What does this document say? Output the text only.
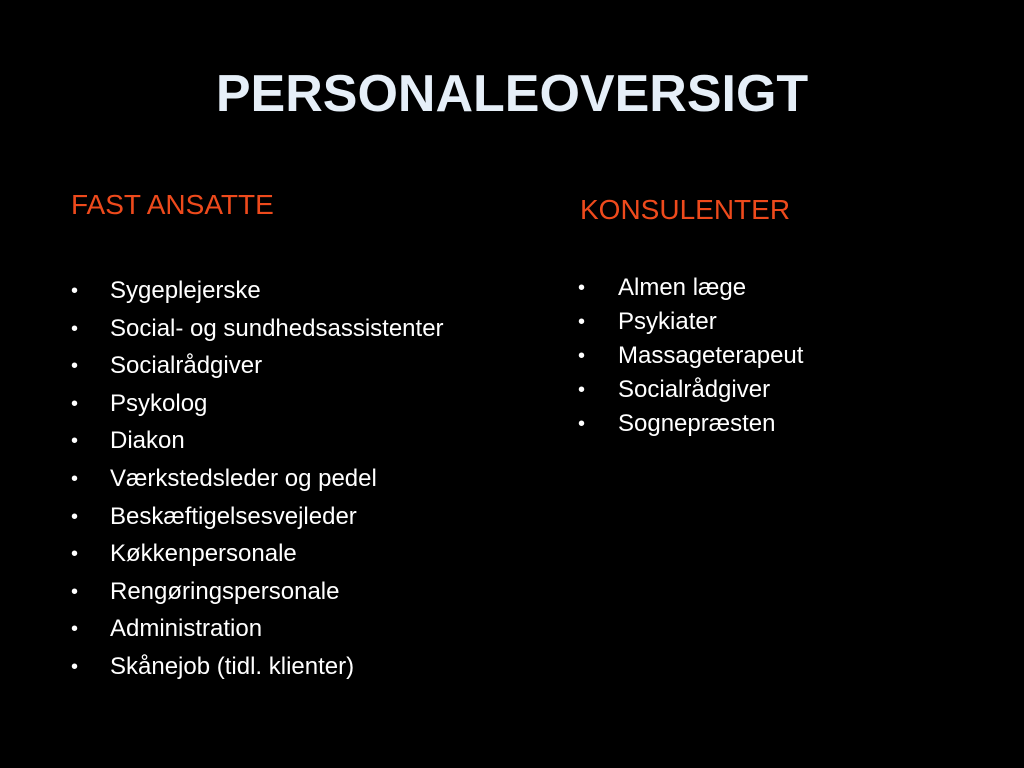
PERSONALEOVERSIGT
FAST ANSATTE	KONSULENTER
•	Sygeplejerske
•	Social- og sundhedsassistenter
•	Socialrådgiver
•	Psykolog
•	Diakon
•	Værkstedsleder og pedel
•	Beskæftigelsesvejleder
•	Køkkenpersonale
•	Rengøringspersonale
•	Administration
•	Skånejob (tidl. klienter)
•	Almen læge
•	Psykiater
•	Massageterapeut
•	Socialrådgiver
•	Sognepræsten
